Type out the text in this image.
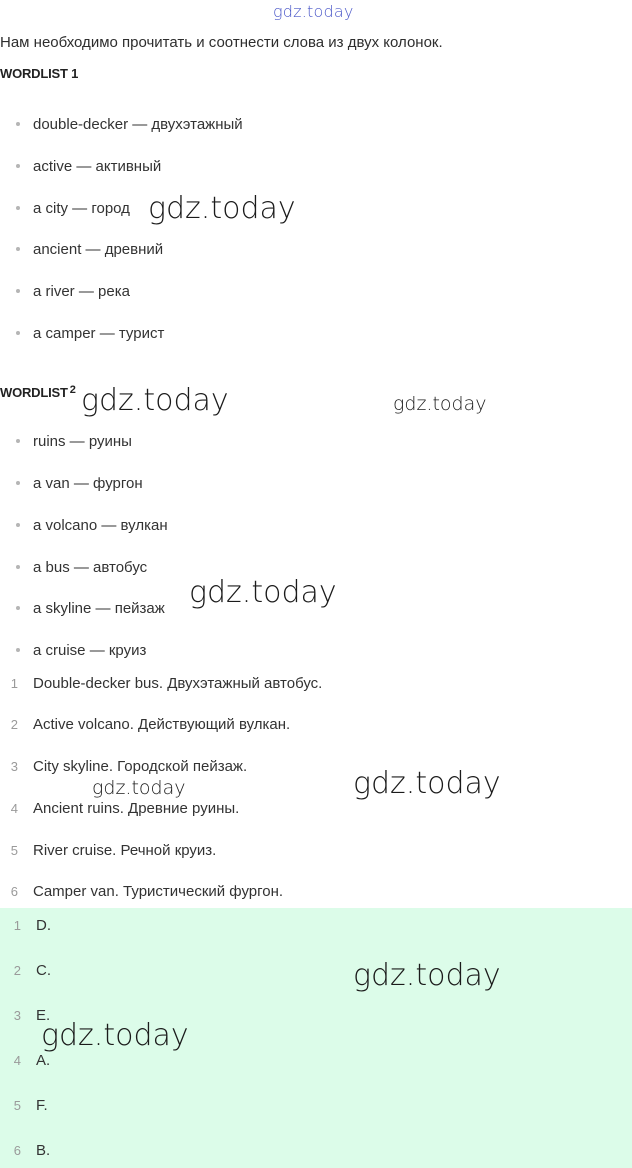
gdz.today
gdz.today
gdz.today	gdz.today
gdz.today
gdz.today
gdz.today
Нам необходимо прочитать и соотнести слова из двух колонок.
WORDLIST 1
double-decker — двухэтажный
active — активный
a city — город
ancient — древний
a river — река
a camper — турист
WORDLIST $^2$
ruins — руины
a van — фургон
a volcano — вулкан
a bus — автобус
a skyline — пейзаж
a cruise — круиз
1 Double-decker bus. Двухэтажный автобус.
2 Active volcano. Действующий вулкан.
3 City skyline. Городской пейзаж.
4 Ancient ruins. Древние руины.
5 River cruise. Речной круиз.
6 Camper van. Туристический фургон.
1 D.
2 C.
3 E.
4 A.
5 F.
6 B.
gdz.today
gdz.today
